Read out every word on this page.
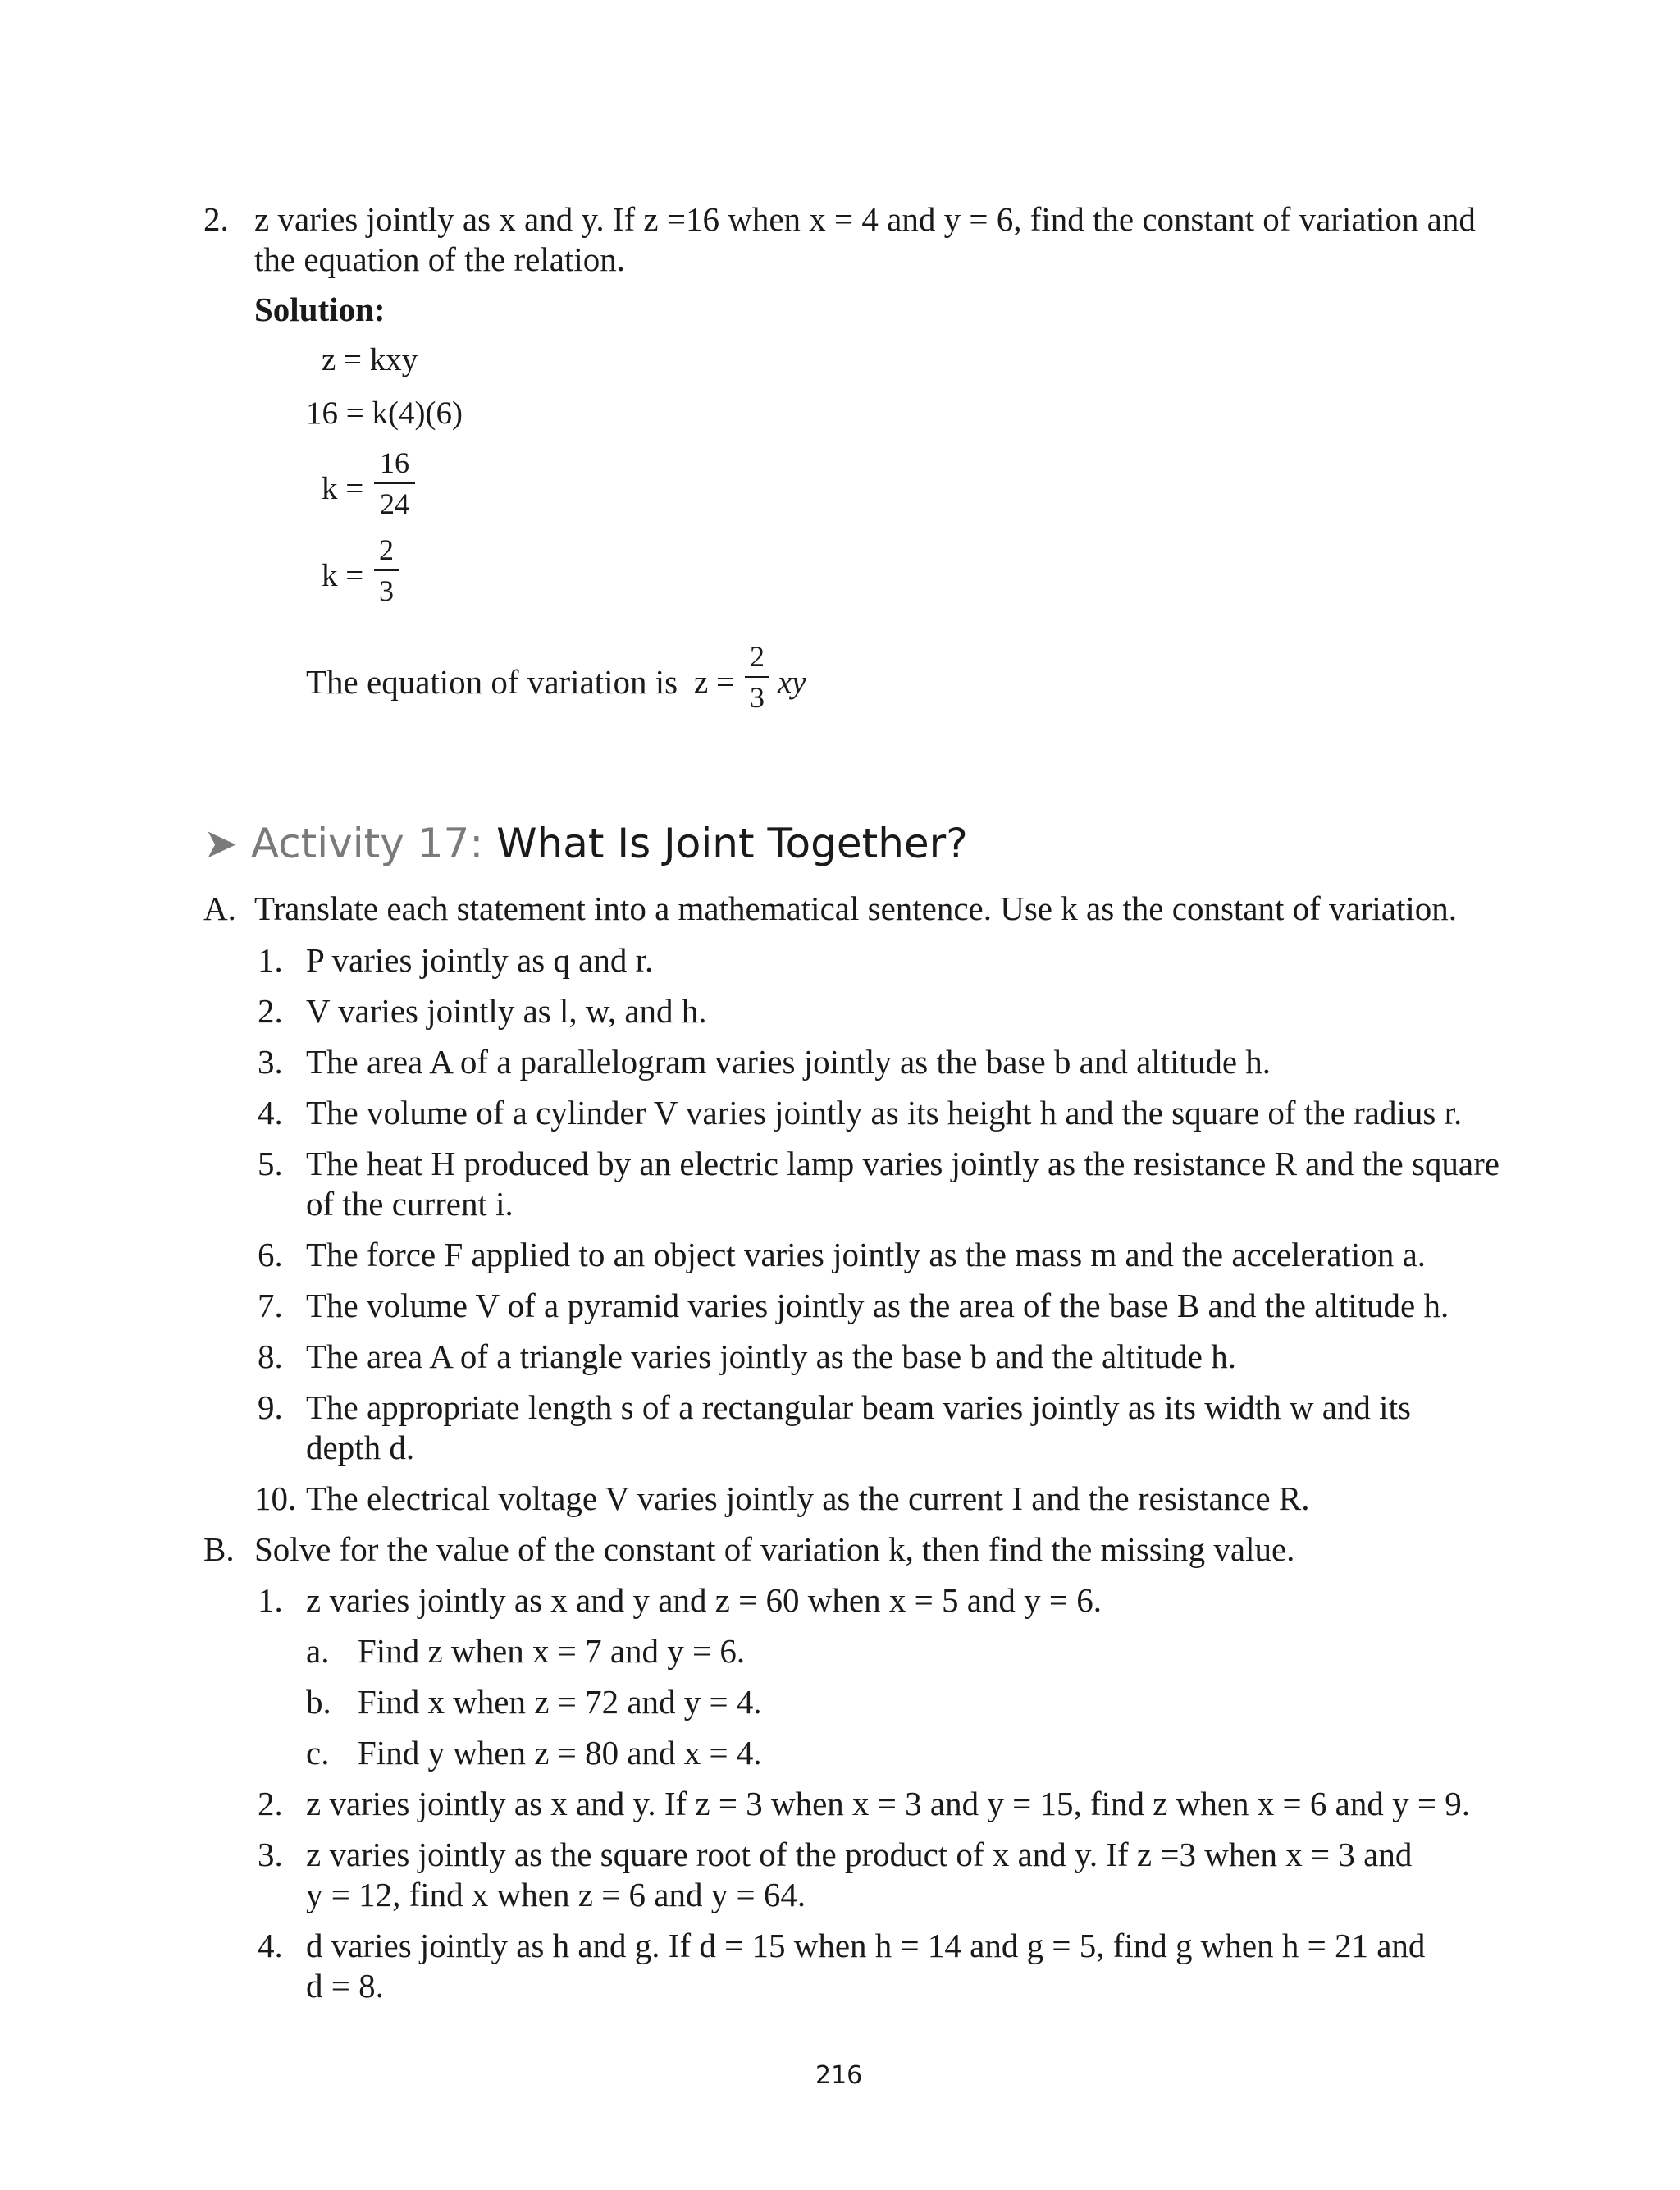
2. z varies jointly as x and y. If z =16 when x = 4 and y = 6, find the constant of variation and
the equation of the relation.
Solution:
z = kxy
16 = k(4)(6)
k =
16
24
k =
2
3
The equation of variation is z =
2
3 xy
➤ Activity 17: What Is Joint Together?
A. Translate each statement into a mathematical sentence. Use k as the constant of variation.
1. P varies jointly as q and r.
2. V varies jointly as l, w, and h.
3. The area A of a parallelogram varies jointly as the base b and altitude h.
4. The volume of a cylinder V varies jointly as its height h and the square of the radius r.
5. The heat H produced by an electric lamp varies jointly as the resistance R and the square
of the current i.
6. The force F applied to an object varies jointly as the mass m and the acceleration a.
7. The volume V of a pyramid varies jointly as the area of the base B and the altitude h.
8. The area A of a triangle varies jointly as the base b and the altitude h.
9. The appropriate length s of a rectangular beam varies jointly as its width w and its
depth d.
10. The electrical voltage V varies jointly as the current I and the resistance R.
B. Solve for the value of the constant of variation k, then find the missing value.
1. z varies jointly as x and y and z = 60 when x = 5 and y = 6.
a. Find z when x = 7 and y = 6.
b. Find x when z = 72 and y = 4.
c. Find y when z = 80 and x = 4.
2. z varies jointly as x and y. If z = 3 when x = 3 and y = 15, find z when x = 6 and y = 9.
3. z varies jointly as the square root of the product of x and y. If z =3 when x = 3 and
y = 12, find x when z = 6 and y = 64.
4. d varies jointly as h and g. If d = 15 when h = 14 and g = 5, find g when h = 21 and
d = 8.
216
